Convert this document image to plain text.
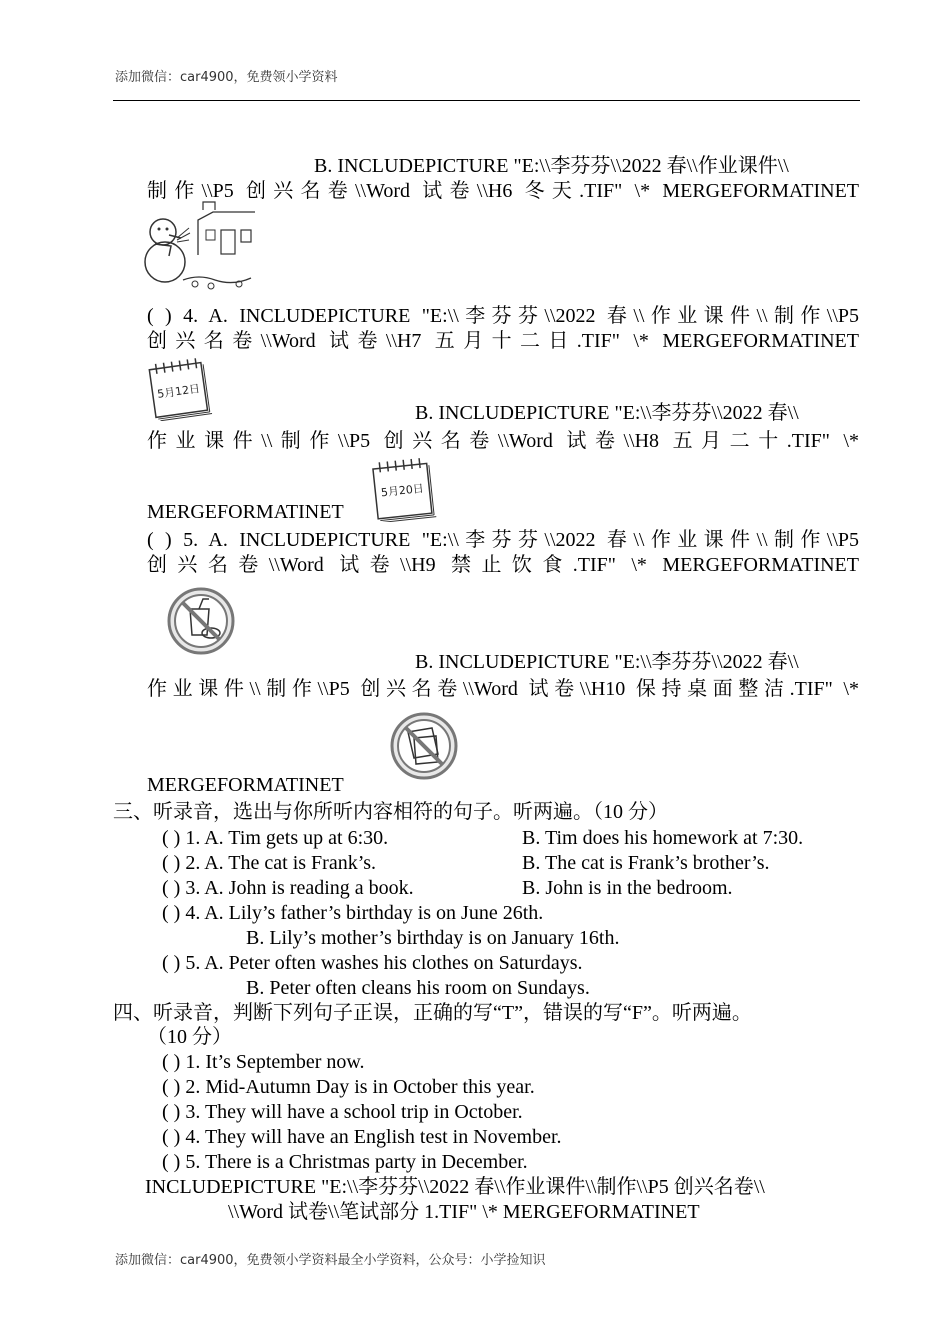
添加微信：car4900，免费领小学资料
B. INCLUDEPICTURE "E:\\李芬芬\\2022 春\\作业课件\\
制作\\P5 创兴名卷\\Word 试卷\\H6 冬天.TIF" \* MERGEFORMATINET
( ) 4. A. INCLUDEPICTURE "E:\\李芬芬\\2022 春\\作业课件\\制作\\P5
创兴名卷\\Word 试卷\\H7 五月十二日.TIF" \* MERGEFORMATINET
5月12日
B. INCLUDEPICTURE "E:\\李芬芬\\2022 春\\
作业课件\\制作\\P5 创兴名卷\\Word 试卷\\H8 五月二十.TIF" \*
MERGEFORMATINET
5月20日
( ) 5. A. INCLUDEPICTURE "E:\\李芬芬\\2022 春\\作业课件\\制作\\P5
创兴名卷\\Word 试卷\\H9 禁止饮食.TIF" \* MERGEFORMATINET
B. INCLUDEPICTURE "E:\\李芬芬\\2022 春\\
作业课件\\制作\\P5 创兴名卷\\Word 试卷\\H10 保持桌面整洁.TIF" \*
MERGEFORMATINET
三、听录音，选出与你所听内容相符的句子。听两遍。（10 分）
( ) 1. A. Tim gets up at 6:30.	B. Tim does his homework at 7:30.
( ) 2. A. The cat is Frank’s.	B. The cat is Frank’s brother’s.
( ) 3. A. John is reading a book.	B. John is in the bedroom.
( ) 4. A. Lily’s father’s birthday is on June 26th.
B. Lily’s mother’s birthday is on January 16th.
( ) 5. A. Peter often washes his clothes on Saturdays.
B. Peter often cleans his room on Sundays.
四、听录音，判断下列句子正误，正确的写“T”，错误的写“F”。听两遍。
（10 分）
( ) 1. It’s September now.
( ) 2. Mid-Autumn Day is in October this year.
( ) 3. They will have a school trip in October.
( ) 4. They will have an English test in November.
( ) 5. There is a Christmas party in December.
INCLUDEPICTURE "E:\\李芬芬\\2022 春\\作业课件\\制作\\P5 创兴名卷\\
\\Word 试卷\\笔试部分 1.TIF" \* MERGEFORMATINET
添加微信：car4900，免费领小学资料最全小学资料，公众号：小学捡知识
